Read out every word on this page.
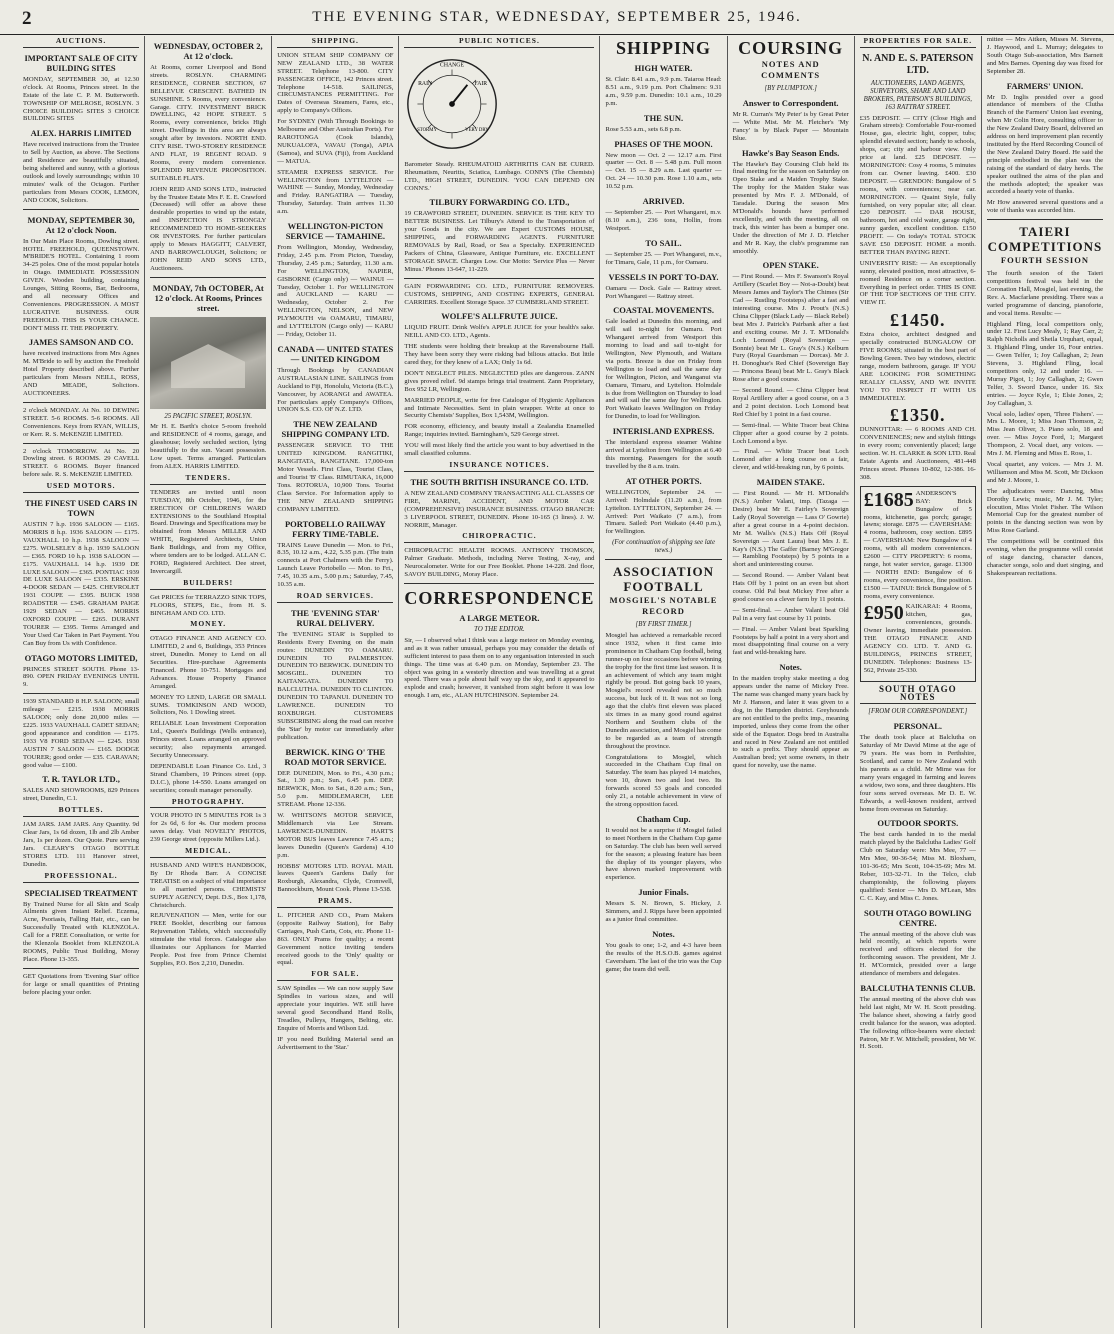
2	THE EVENING STAR, WEDNESDAY, SEPTEMBER 25, 1946.
AUCTIONS.
IMPORTANT SALE OF CITY BUILDING SITES

MONDAY, SEPTEMBER 30, at 12.30 o'clock. At Rooms, Princes street. In the Estate of the late C. P. M. Butterworth. TOWNSHIP OF MELROSE, ROSLYN. 3 CHOICE BUILDING SITES 3 CHOICE BUILDING SITES

ALEX. HARRIS LIMITED

Have received instructions from the Trustee to Sell by Auction, as above. The Sections and Residence are beautifully situated, being sheltered and sunny, with a glorious outlook and lovely surroundings; within 10 minutes' walk of the Octagon. Further particulars from Messrs COOK, LEMON, AND COOK, Solicitors.

MONDAY, SEPTEMBER 30, At 12 o'clock Noon.

In Our Main Place Rooms, Dowling street. HOTEL FREEHOLD, QUEENSTOWN. M'BRIDE'S HOTEL. Containing 1 room 34-25 poles. One of the most popular hotels in Otago. IMMEDIATE POSSESSION GIVEN. Wooden building, containing Lounges, Sitting Rooms, Bar, Bedrooms, and all necessary Offices and Conveniences. PROGRESSION. A MOST LUCRATIVE BUSINESS. OUR FREEHOLD. THIS IS YOUR CHANCE. DON'T MISS IT. THE PROPERTY.

JAMES SAMSON AND CO.

have received instructions from Mrs Agnes M. M'Bride to sell by auction the Freehold Hotel Property described above. Further particulars from Messrs NEILL, ROSS, AND MEADE, Solicitors. AUCTIONEERS.

2 o'clock MONDAY. At No. 10 DEWING STREET. 5-6 ROOMS. 5-6 ROOMS. All Conveniences. Keys from RYAN, WILLIS, or Kerr. R. S. McKENZIE LIMITED.

2 o'clock TOMORROW. At No. 20 Dowling street. 6 ROOMS. 29 CAVELL STREET. 6 ROOMS. Buyer financed before sale. R. S. McKENZIE LIMITED.

USED MOTORS.
THE FINEST USED CARS IN TOWN

AUSTIN 7 h.p. 1936 SALOON — £165. MORRIS 8 h.p. 1936 SALOON — £175. VAUXHALL 10 h.p. 1938 SALOON — £275. WOLSELEY 8 h.p. 1939 SALOON — £365. FORD 10 h.p. 1938 SALOON — £175. VAUXHALL 14 h.p. 1939 DE LUXE SALOON — £365. PONTIAC 1939 DE LUXE SALOON — £335. ERSKINE 4-DOOR SEDAN — £425. CHEVROLET 1931 COUPE — £395. BUICK 1938 ROADSTER — £345. GRAHAM PAIGE 1929 SEDAN — £465. MORRIS OXFORD COUPE — £265. DURANT TOURER — £395. Terms Arranged and Your Used Car Taken in Part Payment. You Can Buy from Us with Confidence.

OTAGO MOTORS LIMITED,

PRINCES STREET SOUTH. Phone 13-890. OPEN FRIDAY EVENINGS UNTIL 9.

1939 STANDARD 8 H.P. SALOON; small mileage — £215. 1938 MORRIS SALOON; only done 20,000 miles — £225. 1933 VAUXHALL CADET SEDAN; good appearance and condition — £175. 1933 V8 FORD SEDAN — £245. 1930 AUSTIN 7 SALOON — £165. DODGE TOURER; good order — £35. CARAVAN; good value — £100.

T. R. TAYLOR LTD.,

SALES AND SHOWROOMS, 829 Princes street, Dunedin, C.1.

BOTTLES.

JAM JARS. JAM JARS. Any Quantity. 9d Clear Jars, 1s 6d dozen, 1lb and 2lb Amber Jars, 1s per dozen. Our Quote. Pure serving Jars. CLEARY'S OTAGO BOTTLE STORES LTD. 111 Hanover street, Dunedin.

PROFESSIONAL.
SPECIALISED TREATMENT

By Trained Nurse for all Skin and Scalp Ailments given Instant Relief. Eczema, Acne, Psoriasis, Falling Hair, etc., can be Successfully Treated with KLENZOLA. Call for a FREE Consultation, or write for the Klenzola Booklet from KLENZOLA ROOMS, Public Trust Building, Moray Place. Phone 13-355.

GET Quotations from 'Evening Star' office for large or small quantities of Printing before placing your order.

WEDNESDAY, OCTOBER 2, At 12 o'clock.

At Rooms, corner Liverpool and Bond streets. ROSLYN. CHARMING RESIDENCE, CORNER SECTION, 67 BELLEVUE CRESCENT. BATHED IN SUNSHINE. 5 Rooms, every convenience. Garage. CITY. INVESTMENT BRICK DWELLING, 42 HOPE STREET. 5 Rooms, every convenience, bricks High street. Dwellings in this area are always sought after by investors. NORTH END. CITY RISE. TWO-STOREY RESIDENCE AND FLAT, 19 REGENT ROAD. 9 Rooms, every modern convenience. SPLENDID REVENUE PROPOSITION. SUITABLE FLATS.

JOHN REID AND SONS LTD., instructed by the Trustee Estate Mrs F. E. E. Crawford (Deceased) will offer as above these desirable properties to wind up the estate, and INSPECTION IS STRONGLY RECOMMENDED TO HOME-SEEKERS OR INVESTORS. For further particulars apply to Messrs HAGGITT, CALVERT, AND BARROWCLOUGH, Solicitors; or JOHN REID AND SONS LTD., Auctioneers.

MONDAY, 7th OCTOBER, At 12 o'clock. At Rooms, Princes street.
25 PACIFIC STREET, ROSLYN.

Mr H. E. Barth's choice 5-room freehold and RESIDENCE of 4 rooms, garage, and glasshouse; lovely secluded section, lying beautifully to the sun. Vacant possession. Low upset. Terms arranged. Particulars from ALEX. HARRIS LIMITED.

TENDERS.

TENDERS are invited until noon TUESDAY, 8th October, 1946, for the ERECTION OF CHILDREN'S WARD EXTENSIONS to the Southland Hospital Board. Drawings and Specifications may be obtained from Messrs MILLER AND WHITE, Registered Architects, Union Bank Buildings, and from my Office, where tenders are to be lodged. ALLAN C. FORD, Registered Architect. Dee street, Invercargill.

BUILDERS!

Get PRICES for TERRAZZO SINK TOPS, FLOORS, STEPS, Etc., from H. S. BINGHAM AND CO. LTD.

MONEY.

OTAGO FINANCE AND AGENCY CO. LIMITED, 2 and 6, Buildings, 353 Princes street, Dunedin. Money to Lend on all Securities. Hire-purchase Agreements Financed. Phone 10-751. Mortgages and Advances. House Property Finance Arranged.

MONEY TO LEND, LARGE OR SMALL SUMS. TOMKINSON AND WOOD, Solicitors, No. 1 Dowling street.

RELIABLE Loan Investment Corporation Ltd., Queen's Buildings (Wells entrance), Princes street. Loans arranged on approved security; also repayments arranged. Security Unnecessary.

DEPENDABLE Loan Finance Co. Ltd., 3 Strand Chambers, 19 Princes street (opp. D.I.C.), phone 14-550. Loans arranged on securities; consult manager personally.

PHOTOGRAPHY.

YOUR PHOTO IN 5 MINUTES FOR 1s 3 for 2s 6d, 6 for 4s. Our modern process saves delay. Visit NOVELTY PHOTOS, 239 George street (opposite Millers Ltd.).

MEDICAL.

HUSBAND AND WIFE'S HANDBOOK, By Dr Rhoda Barr. A CONCISE TREATISE on a subject of vital importance to all married persons. CHEMISTS' SUPPLY AGENCY, Dept. D.S., Box 1,178, Christchurch.

REJUVENATION — Men, write for our FREE Booklet, describing our famous Rejuvenation Tablets, which successfully stimulate the vital forces. Catalogue also illustrates our Appliances for Married People. Post free from Prince Chemist Supplies, P.O. Box 2,210, Dunedin.

SHIPPING.

UNION STEAM SHIP COMPANY OF NEW ZEALAND LTD., 38 WATER STREET. Telephone 13-800. CITY PASSENGER OFFICE, 142 Princes street. Telephone 14-518. SAILINGS, CIRCUMSTANCES PERMITTING. For Dates of Overseas Steamers, Fares, etc., apply to Company's Offices.

For SYDNEY (With Through Bookings to Melbourne and Other Australian Ports). For RAROTONGA (Cook Islands), NUKUALOFA, VAVAU (Tonga), APIA (Samoa), and SUVA (Fiji), from Auckland — MATUA.

STEAMER EXPRESS SERVICE. For WELLINGTON from LYTTELTON — WAHINE — Sunday, Monday, Wednesday and Friday. RANGATIRA — Tuesday, Thursday, Saturday. Train arrives 11.30 a.m.

WELLINGTON-PICTON SERVICE — TAMAHINE.

From Wellington, Monday, Wednesday, Friday, 2.45 p.m. From Picton, Tuesday, Thursday, 2.45 p.m.; Saturday, 11.30 a.m. For WELLINGTON, NAPIER, GISBORNE (Cargo only) — WAINUI — Tuesday, October 1. For WELLINGTON and AUCKLAND — KARU — Wednesday, October 2. For WELLINGTON, NELSON, and NEW PLYMOUTH via OAMARU, TIMARU, and LYTTELTON (Cargo only) — KARU — Friday, October 11.

CANADA — UNITED STATES — UNITED KINGDOM

Through Bookings by CANADIAN AUSTRALASIAN LINE. SAILINGS from Auckland to Fiji, Honolulu, Victoria (B.C.), Vancouver, by AORANGI and AWATEA. For particulars apply Company's Offices, UNION S.S. CO. OF N.Z. LTD.

THE NEW ZEALAND SHIPPING COMPANY LTD.

PASSENGER SERVICE TO THE UNITED KINGDOM. RANGITIKI, RANGITATA, RANGITANE. 17,000-ton Motor Vessels. First Class, Tourist Class, and Tourist 'B' Class. RIMUTAKA, 16,000 Tons. ROTORUA, 10,900 Tons. Tourist Class Service. For Information apply to THE NEW ZEALAND SHIPPING COMPANY LIMITED.

PORTOBELLO RAILWAY FERRY TIME-TABLE.

TRAINS Leave Dunedin — Mon. to Fri., 8.35, 10.12 a.m., 4.22, 5.35 p.m. (The train connects at Port Chalmers with the Ferry). Launch Leave Portobello — Mon. to Fri., 7.45, 10.35 a.m., 5.00 p.m.; Saturday, 7.45, 10.35 a.m.

ROAD SERVICES.
THE 'EVENING STAR' RURAL DELIVERY.

The 'EVENING STAR' is Supplied to Residents Every Evening on the main routes: DUNEDIN TO OAMARU. DUNEDIN TO PALMERSTON. DUNEDIN TO BERWICK. DUNEDIN TO MOSGIEL. DUNEDIN TO KAITANGATA. DUNEDIN TO BALCLUTHA. DUNEDIN TO CLINTON. DUNEDIN TO TAPANUI. DUNEDIN TO LAWRENCE. DUNEDIN TO ROXBURGH. CUSTOMERS SUBSCRIBING along the road can receive the 'Star' by motor car immediately after publication.

BERWICK. KING O' THE ROAD MOTOR SERVICE.

DEP. DUNEDIN, Mon. to Fri., 4.30 p.m.; Sat., 1.30 p.m.; Sun., 6.45 p.m. DEP. BERWICK, Mon. to Sat., 8.20 a.m.; Sun., 5.0 p.m. MIDDLEMARCH, LEE STREAM. Phone 12-336.

W. WHITSON'S MOTOR SERVICE, Middlemarch via Lee Stream. LAWRENCE-DUNEDIN. HART'S MOTOR BUS leaves Lawrence 7.45 a.m.; leaves Dunedin (Queen's Gardens) 4.10 p.m.

HOBBS' MOTORS LTD. ROYAL MAIL leaves Queen's Gardens Daily for Roxburgh, Alexandra, Clyde, Cromwell, Bannockburn, Mount Cook. Phone 13-538.

PRAMS.

L. PITCHER AND CO., Pram Makers (opposite Railway Station), for Baby Carriages, Push Carts, Cots, etc. Phone 11-863. ONLY Prams for quality; a recent Government notice inviting tenders received goods to the 'Only' quality or equal.

FOR SALE.

SAW Spindles — We can now supply Saw Spindles in various sizes, and will appreciate your inquiries. WE still have several good Secondhand Hand Rolls, Treadles, Pulleys, Hangers, Belting, etc. Enquire of Morris and Wilson Ltd.

IF you need Building Material send an Advertisement to the 'Star.'

PUBLIC NOTICES.
CHANGE
RAIN	FAIR
STORMY	VERY DRY

Barometer Steady. RHEUMATOID ARTHRITIS CAN BE CURED. Rheumatism, Neuritis, Sciatica, Lumbago. CONN'S (The Chemists) LTD., HIGH STREET, DUNEDIN. 'YOU CAN DEPEND ON CONN'S.'

TILBURY FORWARDING CO. LTD.,

19 CRAWFORD STREET, DUNEDIN. SERVICE IS THE KEY TO BETTER BUSINESS. Let Tilbury's Attend to the Transportation of your Goods in the city. We are Expert CUSTOMS HOUSE, SHIPPING, and FORWARDING AGENTS. FURNITURE REMOVALS by Rail, Road, or Sea a Specialty. EXPERIENCED Packers of China, Glassware, Antique Furniture, etc. EXCELLENT STORAGE SPACE. Charges Low. Our Motto: 'Service Plus — Never Minus.' Phones 13-647, 11-229.

GAIN FORWARDING CO. LTD., FURNITURE REMOVERS. CUSTOMS, SHIPPING, AND COSTING EXPERTS, GENERAL CARRIERS. Excellent Storage Space. 37 CUMBERLAND STREET.

WOLFE'S ALLFRUTE JUICE.

LIQUID FRUIT. Drink Wolfe's APPLE JUICE for your health's sake. NEILL AND CO. LTD., Agents.

THE students were holding their breakup at the Ravensbourne Hall. They have been sorry they were risking bad bilious attacks. But little cared they, for they knew of a LAX; Only 1s 6d.

DON'T NEGLECT PILES. NEGLECTED piles are dangerous. ZANN gives proved relief. 9d stamps brings trial treatment. Zann Proprietary, Box 952 LR, Wellington.

MARRIED PEOPLE, write for free Catalogue of Hygienic Appliances and Intimate Necessities. Sent in plain wrapper. Write at once to Security Chemists' Supplies, Box 1,543M, Wellington.

FOR economy, efficiency, and beauty install a Zealandia Enamelled Range; inquiries invited. Barningham's, 529 George street.

YOU will most likely find the article you want to buy advertised in the small classified columns.

INSURANCE NOTICES.
THE SOUTH BRITISH INSURANCE CO. LTD.

A NEW ZEALAND COMPANY TRANSACTING ALL CLASSES OF FIRE, MARINE, ACCIDENT, AND MOTOR CAR (COMPREHENSIVE) INSURANCE BUSINESS. OTAGO BRANCH: 3 LIVERPOOL STREET, DUNEDIN. Phone 10-165 (3 lines). J. W. NORRIE, Manager.

CHIROPRACTIC.

CHIROPRACTIC HEALTH ROOMS. ANTHONY THOMSON, Palmer Graduate. Methods, including Nerve Testing, X-ray, and Neurocalometer. Write for our Free Booklet. Phone 14-228. 2nd floor, SAVOY BUILDING, Moray Place.

CORRESPONDENCE
A LARGE METEOR.
TO THE EDITOR.

Sir, — I observed what I think was a large meteor on Monday evening, and as it was rather unusual, perhaps you may consider the details of sufficient interest to pass them on to any organisation interested in such things. The time was at 6.40 p.m. on Monday, September 23. The object was going in a westerly direction and was travelling at a great speed. There was a pole about half way up the sky, and it appeared to explode and crash; however, it vanished from sight before it was low enough. I am, etc., ALAN HUTCHINSON. September 24.

SHIPPING
HIGH WATER.

St. Clair: 8.41 a.m., 9.9 p.m. Taiaroa Head: 8.51 a.m., 9.19 p.m. Port Chalmers: 9.31 a.m., 9.59 p.m. Dunedin: 10.1 a.m., 10.29 p.m.

THE SUN.

Rose 5.53 a.m., sets 6.8 p.m.

PHASES OF THE MOON.

New moon — Oct. 2 — 12.17 a.m. First quarter — Oct. 8 — 5.48 p.m. Full moon — Oct. 15 — 8.29 a.m. Last quarter — Oct. 24 — 10.30 p.m. Rose 1.10 a.m., sets 10.52 p.m.

ARRIVED.

— September 25. — Port Whangarei, m.v. (8.10 a.m.), 236 tons, Hollin, from Westport.

TO SAIL.

— September 25. — Port Whangarei, m.v., for Timaru, Gale, 11 p.m., for Oamaru.

VESSELS IN PORT TO-DAY.

Oamaru — Dock. Gale — Rattray street. Port Whangarei — Rattray street.

COASTAL MOVEMENTS.

Gale loaded at Dunedin this morning, and will sail to-night for Oamaru. Port Whangarei arrived from Westport this morning to load and sail to-night for Wellington, New Plymouth, and Waitara via ports. Breeze is due on Friday from Wellington to load and sail the same day for Wellington, Picton, and Wanganui via Oamaru, Timaru, and Lyttelton. Holmdale is due from Wellington on Thursday to load and will sail the same day for Wellington. Port Waikato leaves Wellington on Friday for Dunedin, to load for Wellington.

INTERISLAND EXPRESS.

The interisland express steamer Wahine arrived at Lyttelton from Wellington at 6.40 this morning. Passengers for the south travelled by the 8 a.m. train.

AT OTHER PORTS.

WELLINGTON, September 24. — Arrived: Holmdale (11.20 a.m.), from Lyttelton. LYTTELTON, September 24. — Arrived: Port Waikato (7 a.m.), from Timaru. Sailed: Port Waikato (4.40 p.m.), for Wellington.

(For continuation of shipping see late news.)
ASSOCIATION FOOTBALL
MOSGIEL'S NOTABLE RECORD
[BY FIRST TIMER.]

Mosgiel has achieved a remarkable record since 1932, when it first came into prominence in Chatham Cup football, being runner-up on four occasions before winning the trophy for the first time last season. It is an achievement of which any team might rightly be proud. But going back 10 years, Mosgiel's record revealed not so much success, but luck of it. It was not so long ago that the club's first eleven was placed six times in as many good round against Northern and Southern clubs of the Dunedin association, and Mosgiel has come to be regarded as a team of strength throughout the province.

Congratulations to Mosgiel, which succeeded in the Chatham Cup final on Saturday. The team has played 14 matches, won 10, drawn two and lost two. Its forwards scored 53 goals and conceded only 21, a notable achievement in view of the strong opposition faced.

Chatham Cup.

It would not be a surprise if Mosgiel failed to meet Northern in the Chatham Cup game on Saturday. The club has been well served for the season; a pleasing feature has been the display of its younger players, who have shown marked improvement with experience.

Junior Finals.

Messrs S. N. Brown, S. Hickey, J. Simmers, and J. Ripps have been appointed as a junior final committee.

Notes.

You goals to one; 1-2, and 4-3 have been the results of the H.S.O.B. games against Caversham. The last of the trio was the Cup game; the team did well.

COURSING
NOTES AND COMMENTS
[BY PLUMPTON.]
Answer to Correspondent.

Mr R. Curran's 'My Peter' is by Great Peter — White Mist. Mr M. Fletcher's 'My Fancy' is by Black Paper — Mountain Blue.

Hawke's Bay Season Ends.

The Hawke's Bay Coursing Club held its final meeting for the season on Saturday on Opeo Stake and a Maiden Trophy Stake. The trophy for the Maiden Stake was presented by Mrs F. J. M'Donald, of Taradale. During the season Mrs M'Donald's hounds have performed excellently, and with the meeting, all on track, this winter has been a bumper one. Under the direction of Mr J. D. Fletcher and Mr R. Kay, the club's programme ran smoothly.

OPEN STAKE.

— First Round. — Mrs F. Swanson's Royal Artillery (Scarlet Boy — Not-a-Doubt) beat Messrs James and Taylor's The Chimes (Sir Cad — Rustling Footsteps) after a fast and interesting course. Mrs J. Prout's (N.S.) China Clipper (Black Lady — Black Rebel) beat Mrs J. Patrick's Pairbank after a fast and exciting course. Mr J. T. M'Donald's Loch Lomond (Royal Sovereign — Bonnie) beat Mr L. Gray's (N.S.) Kelburn Fury (Royal Guardsman — Dorcas). Mr J. H. Donoghue's Red Chief (Sovereign Bay — Princess Beau) beat Mr L. Gray's Black Rose after a good course.

— Second Round. — China Clipper beat Royal Artillery after a good course, on a 3 and 2 point decision. Loch Lomond beat Red Chief by 1 point in a fast course.

— Semi-final. — White Tracer beat China Clipper after a good course by 2 points. Loch Lomond a bye.

— Final. — White Tracer beat Loch Lomond after a long course on a fair, clever, and wild-breaking run, by 6 points.

MAIDEN STAKE.

— First Round. — Mr H. M'Donald's (N.S.) Amber Valani, imp. (Tazaga — Desire) beat Mr E. Fairley's Sovereign Lady (Royal Sovereign — Lass O' Gowrie) after a great course in a 4-point decision. Mr M. Walls's (N.S.) Hats Off (Royal Sovereign — Aunt Laura) beat Mrs J. E. Kay's (N.S.) The Gaffer (Barney M'Gregor — Rambling Footsteps) by 5 points in a short and uninteresting course.

— Second Round. — Amber Valani beat Hats Off by 1 point on an even but short course. Old Pal beat Mickey Free after a good course on a clever farm by 11 points.

— Semi-final. — Amber Valani beat Old Pal in a very fast course by 11 points.

— Final. — Amber Valani beat Sparkling Footsteps by half a point in a very short and most disappointing final course on a very fast and wild-breaking hare.

Notes.

In the maiden trophy stake meeting a dog appears under the name of Mickey Free. The name was changed many years back by Mr J. Hanson, and later it was given to a dog, in the Hampden district. Greyhounds are not entitled to the prefix imp., meaning imported, unless they come from the other side of the Equator. Dogs bred in Australia and raced in New Zealand are not entitled to such a prefix. They should appear as Australian bred; yet some owners, in their quest for novelty, use the name.

PROPERTIES FOR SALE.
N. AND E. S. PATERSON LTD.
AUCTIONEERS, LAND AGENTS, SURVEYORS, SHARE AND LAND BROKERS, PATERSON'S BUILDINGS, 163 RATTRAY STREET.

£35 DEPOSIT. — CITY (Close High and Graham streets): Comfortable Four-roomed House, gas, electric light, copper, tubs; splendid elevated section; handy to schools, shops, car; city and harbour view. Only price at land. £25 DEPOSIT. — MORNINGTON: Cosy 4 rooms, 5 minutes from car. Owner leaving. £400. £30 DEPOSIT. — GRENDON: Bungalow of 5 rooms, with conveniences; near car. MORNINGTON. — Quaint Style, fully furnished, on very popular site; all clear. £20 DEPOSIT. — DAR HOUSE, bathroom, hot and cold water, garage right, sunny garden, excellent condition. £150 PROFIT. — On today's TOTAL STOCK SAVE £50 DEPOSIT. HOME a month. BETTER THAN PAYING RENT.

UNIVERSITY RISE: — An exceptionally sunny, elevated position, most attractive, 6-roomed Residence on a corner section. Everything in perfect order. THIS IS ONE OF THE TOP SECTIONS OF THE CITY. VIEW IT.

£1450.

Extra choice, architect designed and specially constructed BUNGALOW OF FIVE ROOMS; situated in the best part of Bowling Green. Two bay windows, electric range, modern bathroom, garage. IF YOU ARE LOOKING FOR SOMETHING REALLY CLASSY, AND WE INVITE YOU TO INSPECT IT WITH US IMMEDIATELY.

£1350.

DUNNOTTAR: — 6 ROOMS AND CH. CONVENIENCES; new and stylish fittings in every room; conveniently placed; large section. W. H. CLARKE & SON LTD. Real Estate Agents and Auctioneers, 481-448 Princes street. Phones 10-802, 12-386. 16-308.

£1685 ANDERSON'S BAY: Brick Bungalow of 5 rooms, kitchenette, gas porch; garage; lawns; storage. £875 — CAVERSHAM: 4 rooms, bathroom, cosy section. £895 — CAVERSHAM: New Bungalow of 4 rooms, with all modern conveniences. £2600 — CITY PROPERTY: 6 rooms, range, hot water service, garage. £1300 — NORTH END: Bungalow of 6 rooms, every convenience, fine position. £1500 — TAINUI: Brick Bungalow of 5 rooms, every convenience.

£950 KAIKARAI: 4 Rooms, kitchen, gas, conveniences, grounds. Owner leaving, immediate possession. THE OTAGO FINANCE AND AGENCY CO. LTD. T. AND G. BUILDINGS, PRINCES STREET, DUNEDIN. Telephones: Business 13-562, Private 25-330.

SOUTH OTAGO NOTES
[FROM OUR CORRESPONDENT.]
PERSONAL.

The death took place at Balclutha on Saturday of Mr David Mime at the age of 79 years. He was born in Perthshire, Scotland, and came to New Zealand with his parents as a child. Mr Mime was for many years engaged in farming and leaves a widow, two sons, and three daughters. His four sons served overseas. Mr D. E. W. Edwards, a well-known resident, arrived home from overseas on Saturday.

OUTDOOR SPORTS.

The best cards handed in to the medal match played by the Balclutha Ladies' Golf Club on Saturday were: Mrs Mee, 77 — Mrs Mee, 90-36-54; Miss M. Bloxham, 101-36-65; Mrs Scott, 104-35-69; Mrs M. Reber, 103-32-71. In the Telco, club championship, the following players qualified: Senior — Mrs D. M'Lean, Mrs C. C. Kay, and Miss C. Jones.

SOUTH OTAGO BOWLING CENTRE.

The annual meeting of the above club was held recently, at which reports were received and officers elected for the forthcoming season. The president, Mr J. H. M'Cormick, presided over a large attendance of members and delegates.

BALCLUTHA TENNIS CLUB.

The annual meeting of the above club was held last night, Mr W. H. Scott presiding. The balance sheet, showing a fairly good credit balance for the season, was adopted. The following office-bearers were elected: Patron, Mr F. W. Mitchell; president, Mr W. H. Scott.

mittee — Mrs Aitken, Misses M. Stevens, J. Haywood, and L. Murray; delegates to South Otago Sub-association, Mrs Barnett and Mrs Barnes. Opening day was fixed for September 28.

FARMERS' UNION.

Mr D. Inglis presided over a good attendance of members of the Clutha Branch of the Farmers' Union last evening, when Mr Colin Hore, consulting officer to the New Zealand Dairy Board, delivered an address on herd improvement plan recently instituted by the Herd Recording Council of the New Zealand Dairy Board. He said the principle embodied in the plan was the raising of the standard of dairy herds. The speaker outlined the aims of the plan and the methods adopted; the speaker was accorded a hearty vote of thanks.

Mr How answered several questions and a vote of thanks was accorded him.

TAIERI COMPETITIONS
FOURTH SESSION

The fourth session of the Taieri competitions festival was held in the Coronation Hall, Mosgiel, last evening, the Rev. A. Macfarlane presiding. There was a varied programme of dancing, pianoforte, and vocal items. Results: —

Highland Fling, local competitors only, under 12. First Lucy Mealy, 1; Ray Carr, 2; Ralph Nicholls and Sheila Urquhart, equal, 3. Highland Fling, under 16, Four entries. — Gwen Telfer, 1; Joy Callaghan, 2; Jean Stevens, 3. Highland Fling, local competitors only, 12 and under 16. — Murray Pigot, 1; Joy Callaghan, 2; Gwen Telfer, 3. Sword Dance, under 16. Six entries. — Joyce Kyle, 1; Elsie Jones, 2; Joy Callaghan, 3.

Vocal solo, ladies' open, 'Three Fishers'. — Mrs L. Moore, 1; Miss Joan Thomson, 2; Miss Jean Oliver, 3. Piano solo, 18 and over. — Miss Joyce Ford, 1; Margaret Thompson, 2. Vocal duet, any voices. — Mrs J. M. Fleming and Miss E. Ross, 1.

Vocal quartet, any voices. — Mrs J. M. Williamson and Miss M. Scott, Mr Dickson and Mr J. Moore, 1.

The adjudicators were: Dancing, Miss Dorothy Lewis; music, Mr J. M. Tyler; elocution, Miss Violet Fisher. The Wilson Memorial Cup for the greatest number of points in the dancing section was won by Miss Rose Garland.

The competitions will be continued this evening, when the programme will consist of stage dancing, character dances, character songs, solo and duet singing, and Shakespearean recitations.
